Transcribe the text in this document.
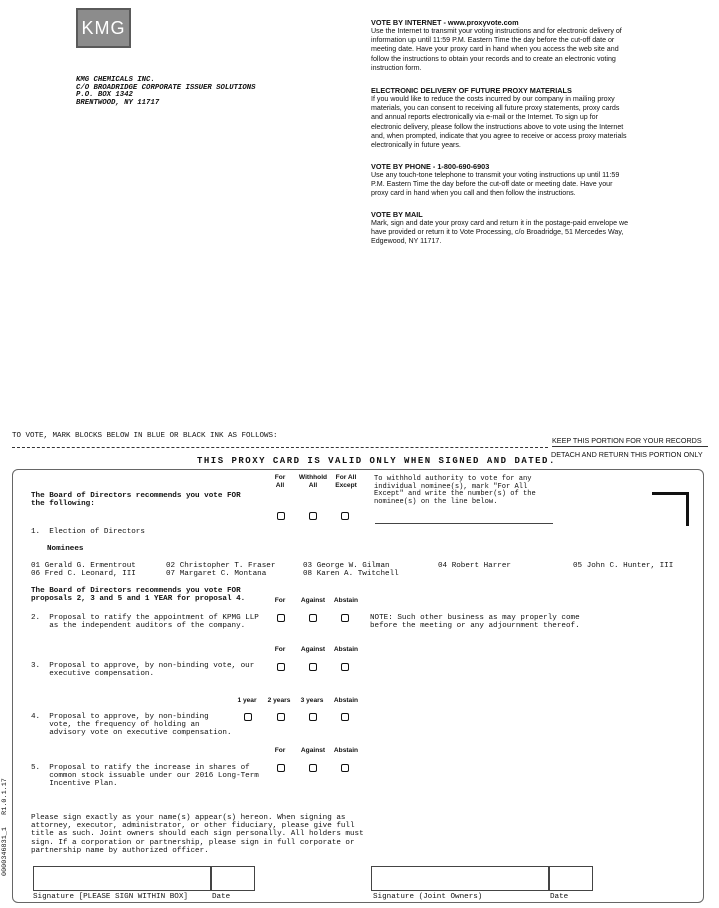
KMG
KMG CHEMICALS INC.
C/O BROADRIDGE CORPORATE ISSUER SOLUTIONS
P.O. BOX 1342
BRENTWOOD, NY 11717
VOTE BY INTERNET - www.proxyvote.com
Use the Internet to transmit your voting instructions and for electronic delivery of
information up until 11:59 P.M. Eastern Time the day before the cut-off date or
meeting date. Have your proxy card in hand when you access the web site and
follow the instructions to obtain your records and to create an electronic voting
instruction form.
ELECTRONIC DELIVERY OF FUTURE PROXY MATERIALS
If you would like to reduce the costs incurred by our company in mailing proxy
materials, you can consent to receiving all future proxy statements, proxy cards
and annual reports electronically via e-mail or the Internet. To sign up for
electronic delivery, please follow the instructions above to vote using the Internet
and, when prompted, indicate that you agree to receive or access proxy materials
electronically in future years.
VOTE BY PHONE - 1-800-690-6903
Use any touch-tone telephone to transmit your voting instructions up until 11:59
P.M. Eastern Time the day before the cut-off date or meeting date. Have your
proxy card in hand when you call and then follow the instructions.
VOTE BY MAIL
Mark, sign and date your proxy card and return it in the postage-paid envelope we
have provided or return it to Vote Processing, c/o Broadridge, 51 Mercedes Way,
Edgewood, NY 11717.
TO VOTE, MARK BLOCKS BELOW IN BLUE OR BLACK INK AS FOLLOWS:	KEEP THIS PORTION FOR YOUR RECORDS
DETACH AND RETURN THIS PORTION ONLY
THIS PROXY CARD IS VALID ONLY WHEN SIGNED AND DATED.
The Board of Directors recommends you vote FOR
the following:
For
All
Withhold
All
For All
Except
To withhold authority to vote for any
individual nominee(s), mark "For All
Except" and write the number(s) of the
nominee(s) on the line below.
1.  Election of Directors
Nominees
01 Gerald G. Ermentrout	02 Christopher T. Fraser	03 George W. Gilman	04 Robert Harrer	05 John C. Hunter, III
06 Fred C. Leonard, III	07 Margaret C. Montana	08 Karen A. Twitchell
The Board of Directors recommends you vote FOR
proposals 2, 3 and 5 and 1 YEAR for proposal 4.	For	Against	Abstain
2.  Proposal to ratify the appointment of KPMG LLP
as the independent auditors of the company.
NOTE: Such other business as may properly come
before the meeting or any adjournment thereof.
For	Against	Abstain
3.  Proposal to approve, by non-binding vote, our
executive compensation.
1 year	2 years	3 years	Abstain
4.  Proposal to approve, by non-binding
vote, the frequency of holding an
advisory vote on executive compensation.
For	Against	Abstain
5.  Proposal to ratify the increase in shares of
common stock issuable under our 2016 Long-Term
Incentive Plan.
Please sign exactly as your name(s) appear(s) hereon. When signing as
attorney, executor, administrator, or other fiduciary, please give full
title as such. Joint owners should each sign personally. All holders must
sign. If a corporation or partnership, please sign in full corporate or
partnership name by authorized officer.
Signature [PLEASE SIGN WITHIN BOX]	Date	Signature (Joint Owners)	Date
0000346831_1   R1.0.1.17
